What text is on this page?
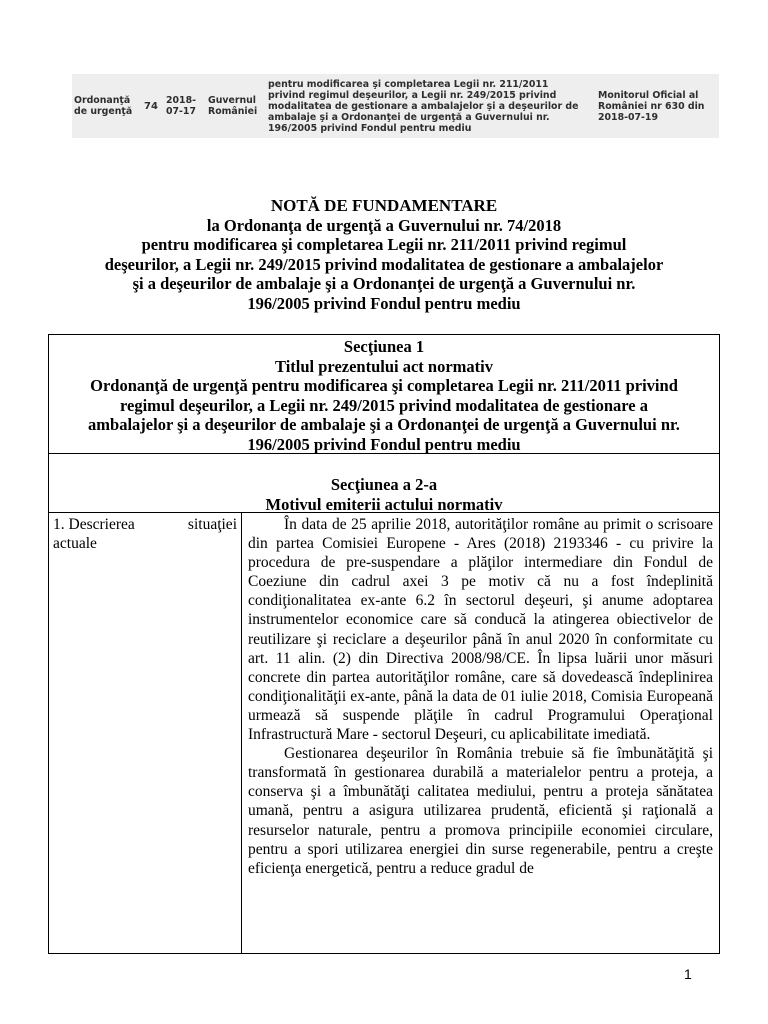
Ordonanţă de urgenţă	74 2018-07-17
Guvernul României
pentru modificarea şi completarea Legii nr. 211/2011 privind regimul deşeurilor, a Legii nr. 249/2015 privind modalitatea de gestionare a ambalajelor şi a deşeurilor de ambalaje şi a Ordonanţei de urgenţă a Guvernului nr. 196/2005 privind Fondul pentru mediu
Monitorul Oficial al României nr 630 din 2018-07-19
NOTĂ DE FUNDAMENTARE
la Ordonanţa de urgenţă a Guvernului nr. 74/2018
pentru modificarea şi completarea Legii nr. 211/2011 privind regimul
deşeurilor, a Legii nr. 249/2015 privind modalitatea de gestionare a ambalajelor
şi a deşeurilor de ambalaje şi a Ordonanţei de urgenţă a Guvernului nr.
196/2005 privind Fondul pentru mediu
Secţiunea 1
Titlul prezentului act normativ
Ordonanţă de urgenţă pentru modificarea şi completarea Legii nr. 211/2011 privind
regimul deşeurilor, a Legii nr. 249/2015 privind modalitatea de gestionare a
ambalajelor şi a deşeurilor de ambalaje şi a Ordonanţei de urgenţă a Guvernului nr.
196/2005 privind Fondul pentru mediu
Secţiunea a 2-a
Motivul emiterii actului normativ
1. Descrierea	situaţiei
actuale

În data de 25 aprilie 2018, autorităţilor române au primit o scrisoare din partea Comisiei Europene - Ares (2018) 2193346 - cu privire la procedura de pre-suspendare a plăţilor intermediare din Fondul de Coeziune din cadrul axei 3 pe motiv că nu a fost îndeplinită condiţionalitatea ex-ante 6.2 în sectorul deşeuri, şi anume adoptarea instrumentelor economice care să conducă la atingerea obiectivelor de reutilizare şi reciclare a deşeurilor până în anul 2020 în conformitate cu art. 11 alin. (2) din Directiva 2008/98/CE. În lipsa luării unor măsuri concrete din partea autorităţilor române, care să dovedească îndeplinirea condiţionalităţii ex-ante, până la data de 01 iulie 2018, Comisia Europeană urmează să suspende plăţile în cadrul Programului Operaţional Infrastructură Mare - sectorul Deşeuri, cu aplicabilitate imediată.

Gestionarea deşeurilor în România trebuie să fie îmbunătăţită şi transformată în gestionarea durabilă a materialelor pentru a proteja, a conserva şi a îmbunătăţi calitatea mediului, pentru a proteja sănătatea umană, pentru a asigura utilizarea prudentă, eficientă şi raţională a resurselor naturale, pentru a promova principiile economiei circulare, pentru a spori utilizarea energiei din surse regenerabile, pentru a creşte eficienţa energetică, pentru a reduce gradul de

1
